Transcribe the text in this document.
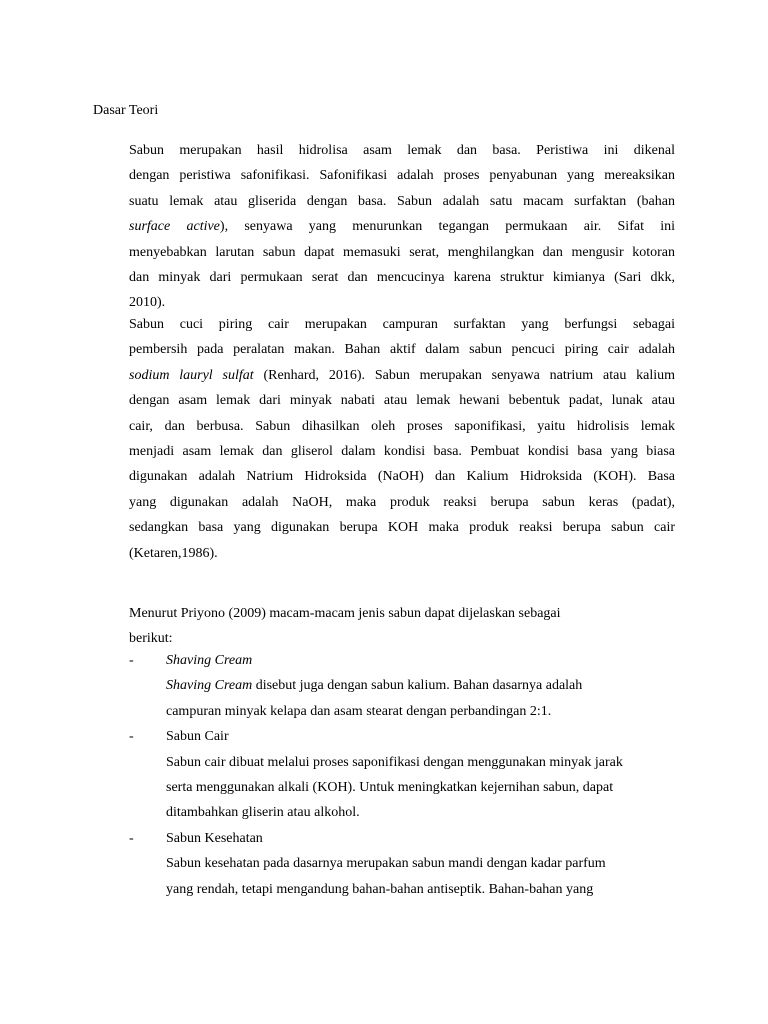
Dasar Teori
Sabun merupakan hasil hidrolisa asam lemak dan basa. Peristiwa ini dikenal
dengan peristiwa safonifikasi. Safonifikasi adalah proses penyabunan yang mereaksikan
suatu lemak atau gliserida dengan basa. Sabun adalah satu macam surfaktan (bahan
surface active), senyawa yang menurunkan tegangan permukaan air. Sifat ini
menyebabkan larutan sabun dapat memasuki serat, menghilangkan dan mengusir kotoran
dan minyak dari permukaan serat dan mencucinya karena struktur kimianya (Sari dkk,
2010).
Sabun cuci piring cair merupakan campuran surfaktan yang berfungsi sebagai
pembersih pada peralatan makan. Bahan aktif dalam sabun pencuci piring cair adalah
sodium lauryl sulfat (Renhard, 2016). Sabun merupakan senyawa natrium atau kalium
dengan asam lemak dari minyak nabati atau lemak hewani bebentuk padat, lunak atau
cair, dan berbusa. Sabun dihasilkan oleh proses saponifikasi, yaitu hidrolisis lemak
menjadi asam lemak dan gliserol dalam kondisi basa. Pembuat kondisi basa yang biasa
digunakan adalah Natrium Hidroksida (NaOH) dan Kalium Hidroksida (KOH). Basa
yang digunakan adalah NaOH, maka produk reaksi berupa sabun keras (padat),
sedangkan basa yang digunakan berupa KOH maka produk reaksi berupa sabun cair
(Ketaren,1986).
Menurut Priyono (2009) macam-macam jenis sabun dapat dijelaskan sebagai
berikut:
-	Shaving Cream
Shaving Cream disebut juga dengan sabun kalium. Bahan dasarnya adalah
campuran minyak kelapa dan asam stearat dengan perbandingan 2:1.
-	Sabun Cair
Sabun cair dibuat melalui proses saponifikasi dengan menggunakan minyak jarak
serta menggunakan alkali (KOH). Untuk meningkatkan kejernihan sabun, dapat
ditambahkan gliserin atau alkohol.
-	Sabun Kesehatan
Sabun kesehatan pada dasarnya merupakan sabun mandi dengan kadar parfum
yang rendah, tetapi mengandung bahan-bahan antiseptik. Bahan-bahan yang
